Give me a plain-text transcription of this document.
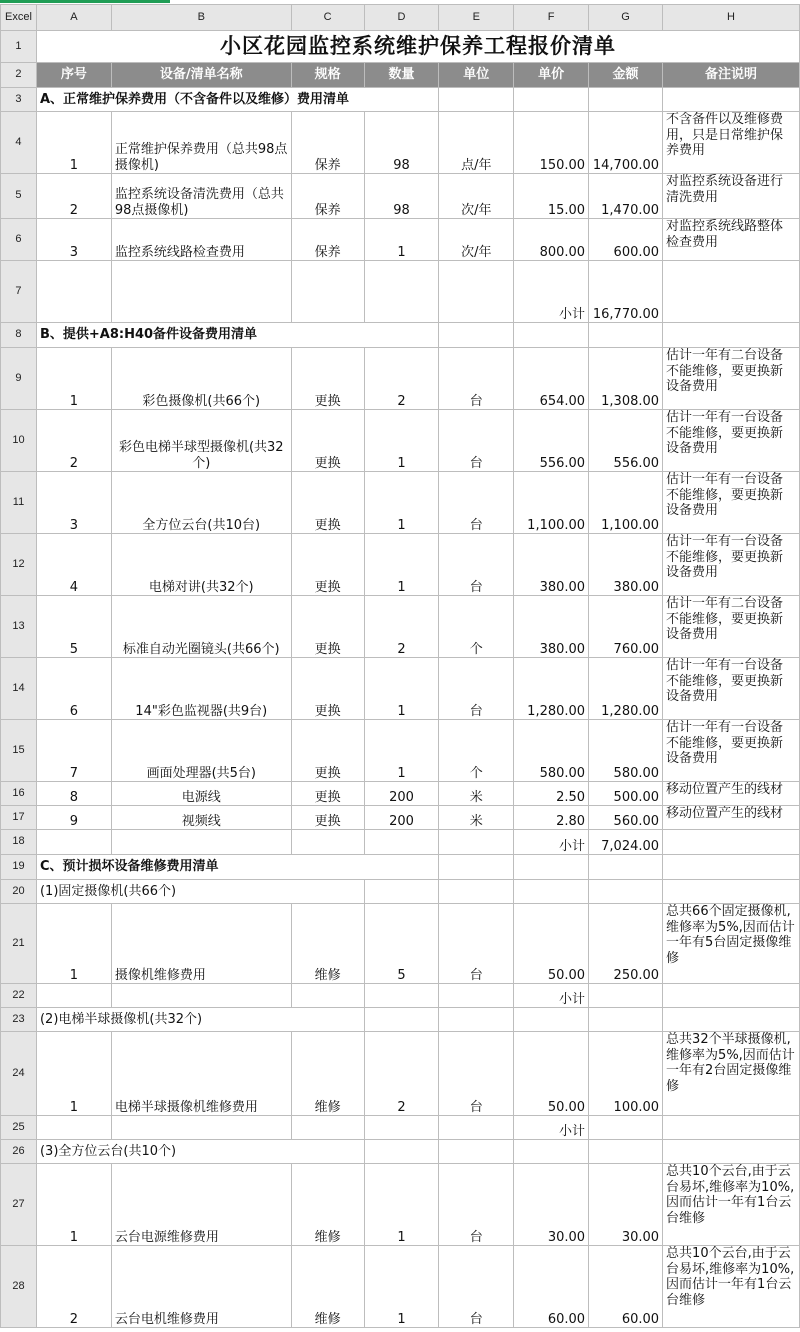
Excel	A	B	C	D	E	F	G	H
1	小区花园监控系统维护保养工程报价清单							
2	序号	设备/清单名称	规格	数量	单位	单价	金额	备注说明
3	A、正常维护保养费用（不含备件以及维修）费用清单							
4	1	正常维护保养费用（总共98点摄像机)	保养	98	点/年	150.00	14,700.00	不含备件以及维修费用，只是日常维护保养费用
5	2	监控系统设备清洗费用（总共98点摄像机)	保养	98	次/年	15.00	1,470.00	对监控系统设备进行清洗费用
6	3	监控系统线路检查费用	保养	1	次/年	800.00	600.00	对监控系统线路整体检查费用
7						小计	16,770.00	
8	B、提供+A8:H40备件设备费用清单							
9	1	彩色摄像机(共66个)	更换	2	台	654.00	1,308.00	估计一年有二台设备不能维修，要更换新设备费用
10	2	彩色电梯半球型摄像机(共32个)	更换	1	台	556.00	556.00	估计一年有一台设备不能维修，要更换新设备费用
11	3	全方位云台(共10台)	更换	1	台	1,100.00	1,100.00	估计一年有一台设备不能维修，要更换新设备费用
12	4	电梯对讲(共32个)	更换	1	台	380.00	380.00	估计一年有一台设备不能维修，要更换新设备费用
13	5	标准自动光圈镜头(共66个)	更换	2	个	380.00	760.00	估计一年有二台设备不能维修，要更换新设备费用
14	6	14"彩色监视器(共9台)	更换	1	台	1,280.00	1,280.00	估计一年有一台设备不能维修，要更换新设备费用
15	7	画面处理器(共5台)	更换	1	个	580.00	580.00	估计一年有一台设备不能维修，要更换新设备费用
16	8	电源线	更换	200	米	2.50	500.00	移动位置产生的线材
17	9	视频线	更换	200	米	2.80	560.00	移动位置产生的线材
18						小计	7,024.00	
19	C、预计损坏设备维修费用清单							
20	(1)固定摄像机(共66个)							
21	1	摄像机维修费用	维修	5	台	50.00	250.00	总共66个固定摄像机,维修率为5%,因而估计一年有5台固定摄像维修
22						小计		
23	(2)电梯半球摄像机(共32个)							
24	1	电梯半球摄像机维修费用	维修	2	台	50.00	100.00	总共32个半球摄像机,维修率为5%,因而估计一年有2台固定摄像维修
25						小计		
26	(3)全方位云台(共10个)							
27	1	云台电源维修费用	维修	1	台	30.00	30.00	总共10个云台,由于云台易坏,维修率为10%,因而估计一年有1台云台维修
28	2	云台电机维修费用	维修	1	台	60.00	60.00	总共10个云台,由于云台易坏,维修率为10%,因而估计一年有1台云台维修
